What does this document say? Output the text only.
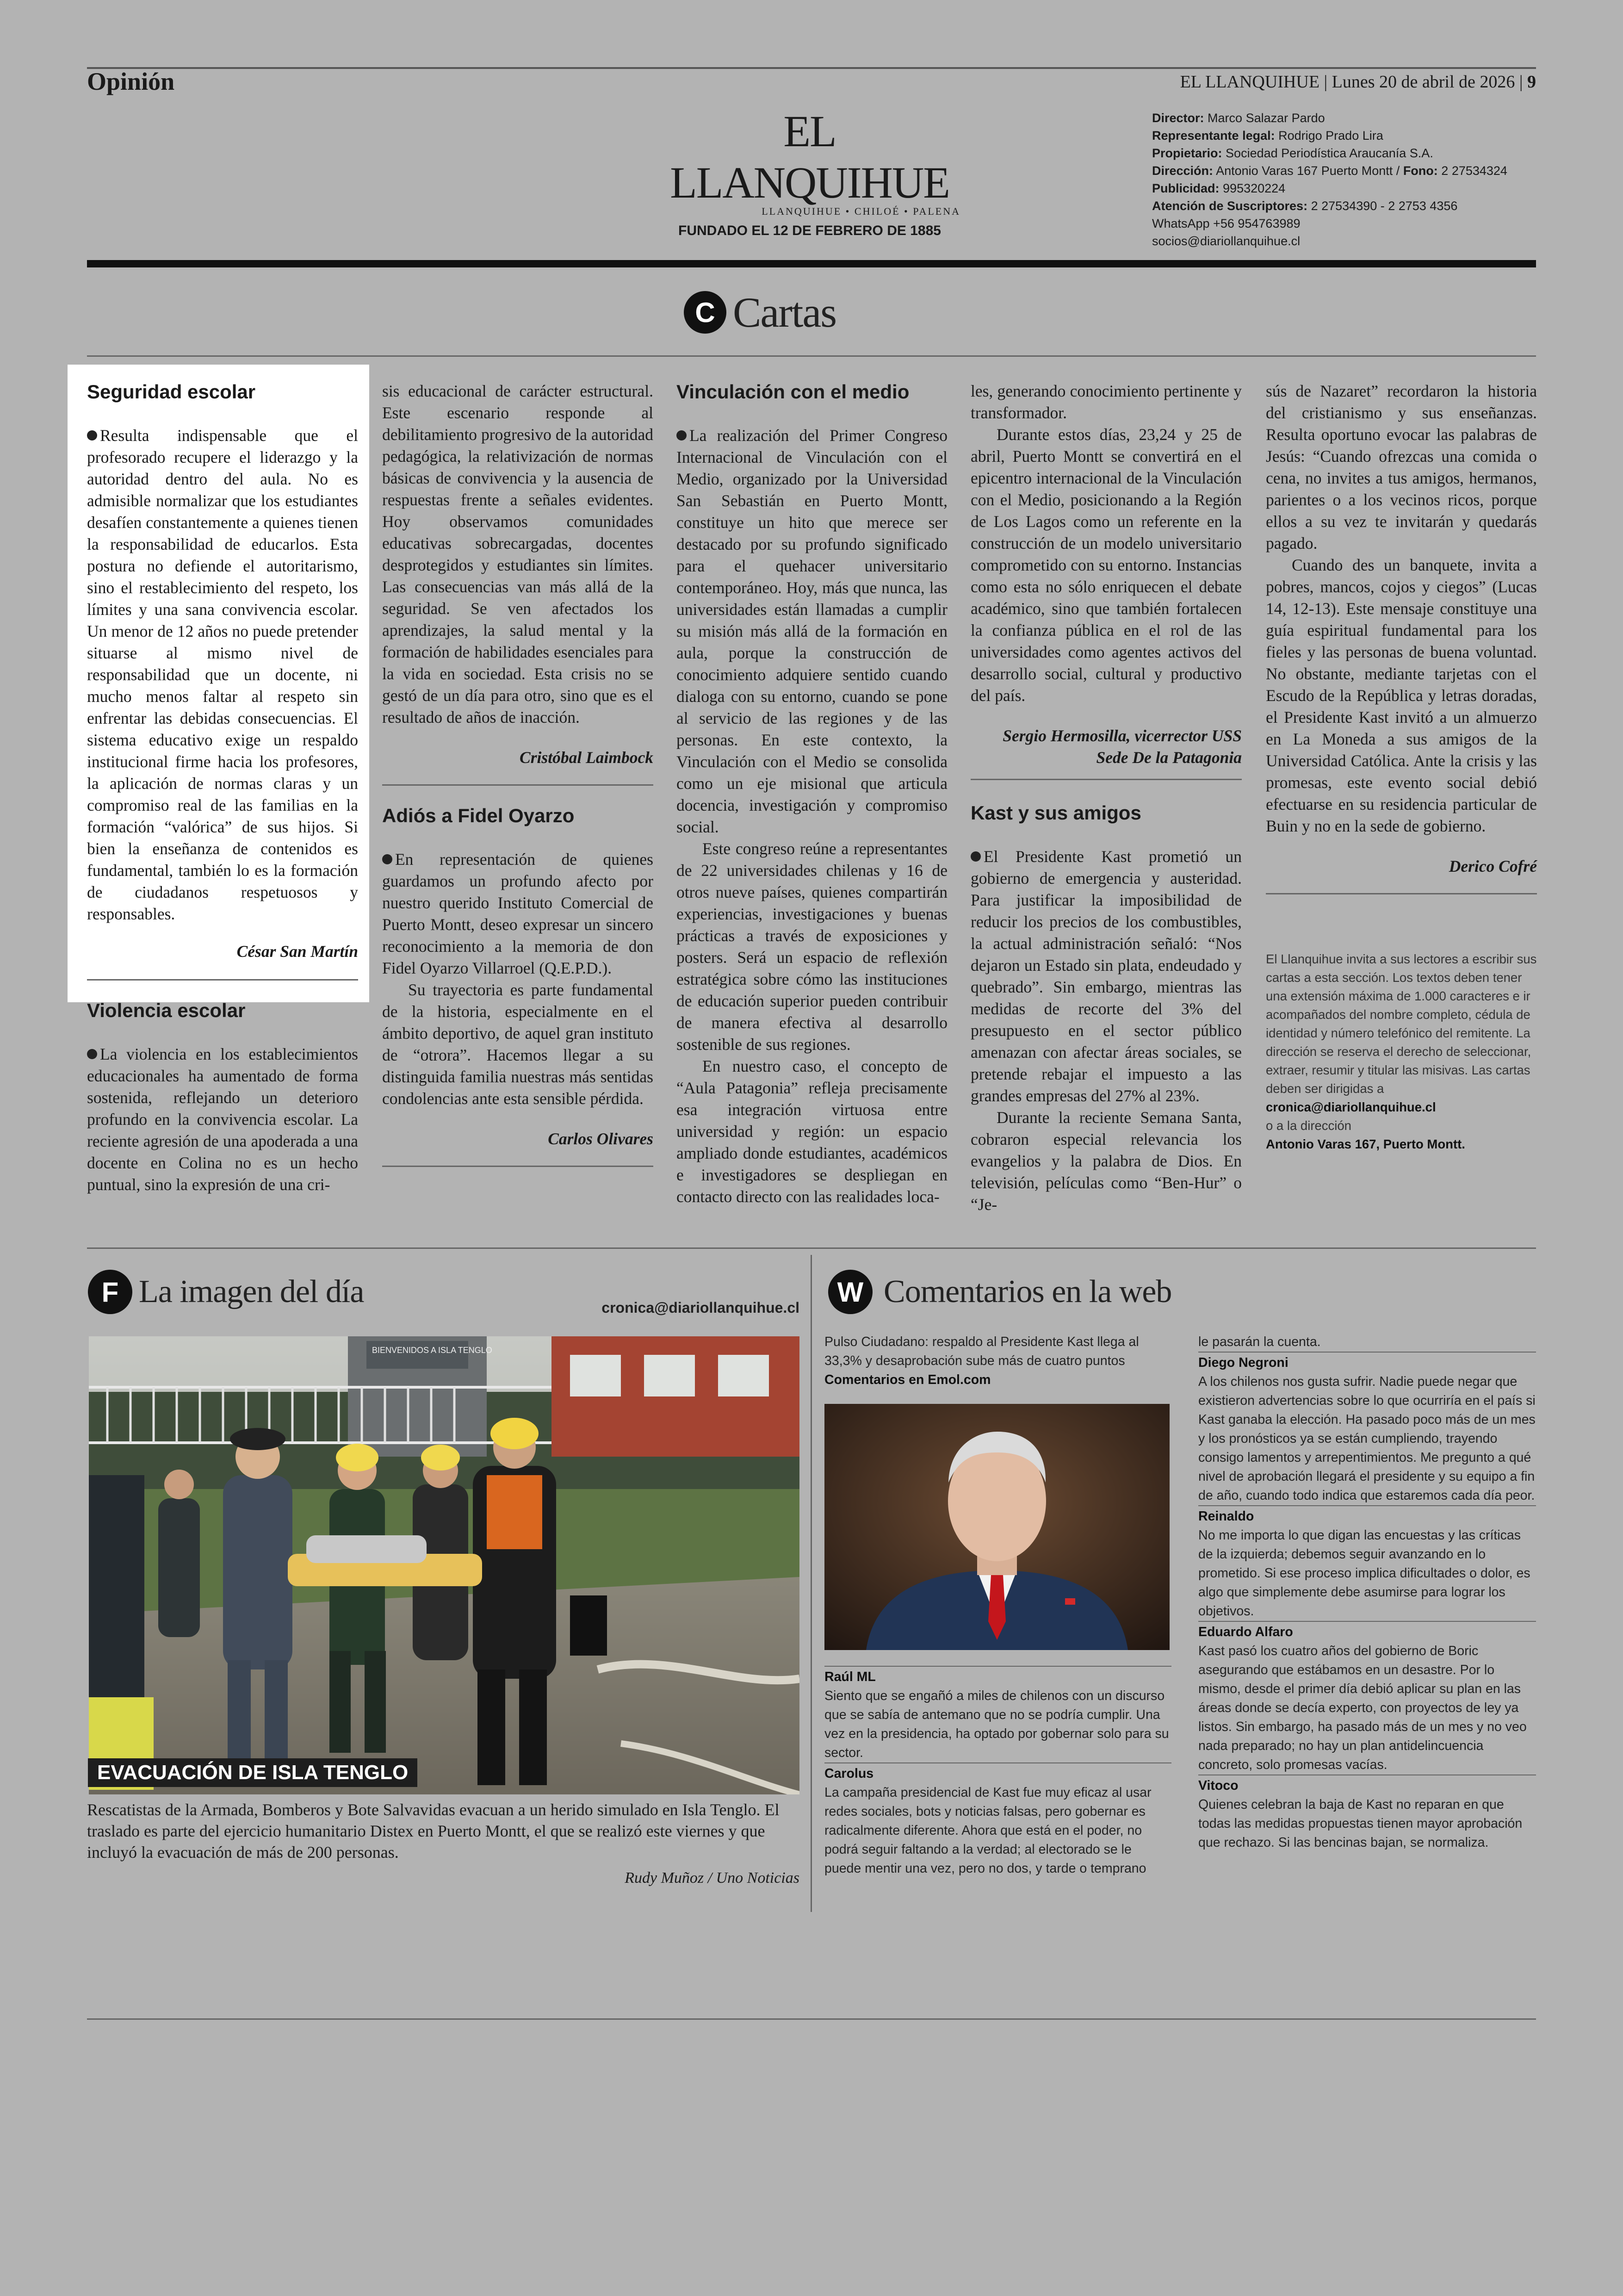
Opinión	EL LLANQUIHUE | Lunes 20 de abril de 2026 | 9
EL LLANQUIHUE
LLANQUIHUE • CHILOÉ • PALENA
FUNDADO EL 12 DE FEBRERO DE 1885
Director: Marco Salazar Pardo
Representante legal: Rodrigo Prado Lira
Propietario: Sociedad Periodística Araucanía S.A.
Dirección: Antonio Varas 167 Puerto Montt / Fono: 2 27534324
Publicidad: 995320224
Atención de Suscriptores: 2 27534390 - 2 2753 4356
WhatsApp +56 954763989
socios@diariollanquihue.cl
C Cartas
Seguridad escolar

Resulta indispensable que el profesorado recupere el liderazgo y la autoridad dentro del aula. No es admisible normalizar que los estudiantes desafíen constantemente a quienes tienen la responsabilidad de educarlos. Esta postura no defiende el autoritarismo, sino el restablecimiento del respeto, los límites y una sana convivencia escolar. Un menor de 12 años no puede pretender situarse al mismo nivel de responsabilidad que un docente, ni mucho menos faltar al respeto sin enfrentar las debidas consecuencias. El sistema educativo exige un respaldo institucional firme hacia los profesores, la aplicación de normas claras y un compromiso real de las familias en la formación “valórica” de sus hijos. Si bien la enseñanza de contenidos es fundamental, también lo es la formación de ciudadanos respetuosos y responsables.

César San Martín
Violencia escolar

La violencia en los establecimientos educacionales ha aumentado de forma sostenida, reflejando un deterioro profundo en la convivencia escolar. La reciente agresión de una apoderada a una docente en Colina no es un hecho puntual, sino la expresión de una cri-

sis educacional de carácter estructural. Este escenario responde al debilitamiento progresivo de la autoridad pedagógica, la relativización de normas básicas de convivencia y la ausencia de respuestas frente a señales evidentes. Hoy observamos comunidades educativas sobrecargadas, docentes desprotegidos y estudiantes sin límites. Las consecuencias van más allá de la seguridad. Se ven afectados los aprendizajes, la salud mental y la formación de habilidades esenciales para la vida en sociedad. Esta crisis no se gestó de un día para otro, sino que es el resultado de años de inacción.

Cristóbal Laimbock
Adiós a Fidel Oyarzo

En representación de quienes guardamos un profundo afecto por nuestro querido Instituto Comercial de Puerto Montt, deseo expresar un sincero reconocimiento a la memoria de don Fidel Oyarzo Villarroel (Q.E.P.D.).

Su trayectoria es parte fundamental de la historia, especialmente en el ámbito deportivo, de aquel gran instituto de “otrora”. Hacemos llegar a su distinguida familia nuestras más sentidas condolencias ante esta sensible pérdida.

Carlos Olivares
Vinculación con el medio

La realización del Primer Congreso Internacional de Vinculación con el Medio, organizado por la Universidad San Sebastián en Puerto Montt, constituye un hito que merece ser destacado por su profundo significado para el quehacer universitario contemporáneo. Hoy, más que nunca, las universidades están llamadas a cumplir su misión más allá de la formación en aula, porque la construcción de conocimiento adquiere sentido cuando dialoga con su entorno, cuando se pone al servicio de las regiones y de las personas. En este contexto, la Vinculación con el Medio se consolida como un eje misional que articula docencia, investigación y compromiso social.

Este congreso reúne a representantes de 22 universidades chilenas y 16 de otros nueve países, quienes compartirán experiencias, investigaciones y buenas prácticas a través de exposiciones y posters. Será un espacio de reflexión estratégica sobre cómo las instituciones de educación superior pueden contribuir de manera efectiva al desarrollo sostenible de sus regiones.

En nuestro caso, el concepto de “Aula Patagonia” refleja precisamente esa integración virtuosa entre universidad y región: un espacio ampliado donde estudiantes, académicos e investigadores se despliegan en contacto directo con las realidades loca-

les, generando conocimiento pertinente y transformador.

Durante estos días, 23,24 y 25 de abril, Puerto Montt se convertirá en el epicentro internacional de la Vinculación con el Medio, posicionando a la Región de Los Lagos como un referente en la construcción de un modelo universitario comprometido con su entorno. Instancias como esta no sólo enriquecen el debate académico, sino que también fortalecen la confianza pública en el rol de las universidades como agentes activos del desarrollo social, cultural y productivo del país.

Sergio Hermosilla, vicerrector USS
Sede De la Patagonia
Kast y sus amigos

El Presidente Kast prometió un gobierno de emergencia y austeridad. Para justificar la imposibilidad de reducir los precios de los combustibles, la actual administración señaló: “Nos dejaron un Estado sin plata, endeudado y quebrado”. Sin embargo, mientras las medidas de recorte del 3% del presupuesto en el sector público amenazan con afectar áreas sociales, se pretende rebajar el impuesto a las grandes empresas del 27% al 23%.

Durante la reciente Semana Santa, cobraron especial relevancia los evangelios y la palabra de Dios. En televisión, películas como “Ben-Hur” o “Je-

sús de Nazaret” recordaron la historia del cristianismo y sus enseñanzas. Resulta oportuno evocar las palabras de Jesús: “Cuando ofrezcas una comida o cena, no invites a tus amigos, hermanos, parientes o a los vecinos ricos, porque ellos a su vez te invitarán y quedarás pagado.

Cuando des un banquete, invita a pobres, mancos, cojos y ciegos” (Lucas 14, 12-13). Este mensaje constituye una guía espiritual fundamental para los fieles y las personas de buena voluntad. No obstante, mediante tarjetas con el Escudo de la República y letras doradas, el Presidente Kast invitó a un almuerzo en La Moneda a sus amigos de la Universidad Católica. Ante la crisis y las promesas, este evento social debió efectuarse en su residencia particular de Buin y no en la sede de gobierno.

Derico Cofré
El Llanquihue invita a sus lectores a escribir sus cartas a esta sección. Los textos deben tener una extensión máxima de 1.000 caracteres e ir acompañados del nombre completo, cédula de identidad y número telefónico del remitente. La dirección se reserva el derecho de seleccionar, extraer, resumir y titular las misivas. Las cartas deben ser dirigidas a
cronica@diariollanquihue.cl
o a la dirección
Antonio Varas 167, Puerto Montt.
F La imagen del día	cronica@diariollanquihue.cl
BIENVENIDOS A ISLA TENGLO
EVACUACIÓN DE ISLA TENGLO
Rescatistas de la Armada, Bomberos y Bote Salvavidas evacuan a un herido simulado en Isla Tenglo. El traslado es parte del ejercicio humanitario Distex en Puerto Montt, el que se realizó este viernes y que incluyó la evacuación de más de 200 personas.
Rudy Muñoz / Uno Noticias
W Comentarios en la web
Pulso Ciudadano: respaldo al Presidente Kast llega al 33,3% y desaprobación sube más de cuatro puntos
Comentarios en Emol.com
Raúl ML
Siento que se engañó a miles de chilenos con un discurso que se sabía de antemano que no se podría cumplir. Una vez en la presidencia, ha optado por gobernar solo para su sector.
Carolus
La campaña presidencial de Kast fue muy eficaz al usar redes sociales, bots y noticias falsas, pero gobernar es radicalmente diferente. Ahora que está en el poder, no podrá seguir faltando a la verdad; al electorado se le puede mentir una vez, pero no dos, y tarde o temprano
le pasarán la cuenta.
Diego Negroni
A los chilenos nos gusta sufrir. Nadie puede negar que existieron advertencias sobre lo que ocurriría en el país si Kast ganaba la elección. Ha pasado poco más de un mes y los pronósticos ya se están cumpliendo, trayendo consigo lamentos y arrepentimientos. Me pregunto a qué nivel de aprobación llegará el presidente y su equipo a fin de año, cuando todo indica que estaremos cada día peor.
Reinaldo
No me importa lo que digan las encuestas y las críticas de la izquierda; debemos seguir avanzando en lo prometido. Si ese proceso implica dificultades o dolor, es algo que simplemente debe asumirse para lograr los objetivos.
Eduardo Alfaro
Kast pasó los cuatro años del gobierno de Boric asegurando que estábamos en un desastre. Por lo mismo, desde el primer día debió aplicar su plan en las áreas donde se decía experto, con proyectos de ley ya listos. Sin embargo, ha pasado más de un mes y no veo nada preparado; no hay un plan antidelincuencia concreto, solo promesas vacías.
Vitoco
Quienes celebran la baja de Kast no reparan en que todas las medidas propuestas tienen mayor aprobación que rechazo. Si las bencinas bajan, se normaliza.
